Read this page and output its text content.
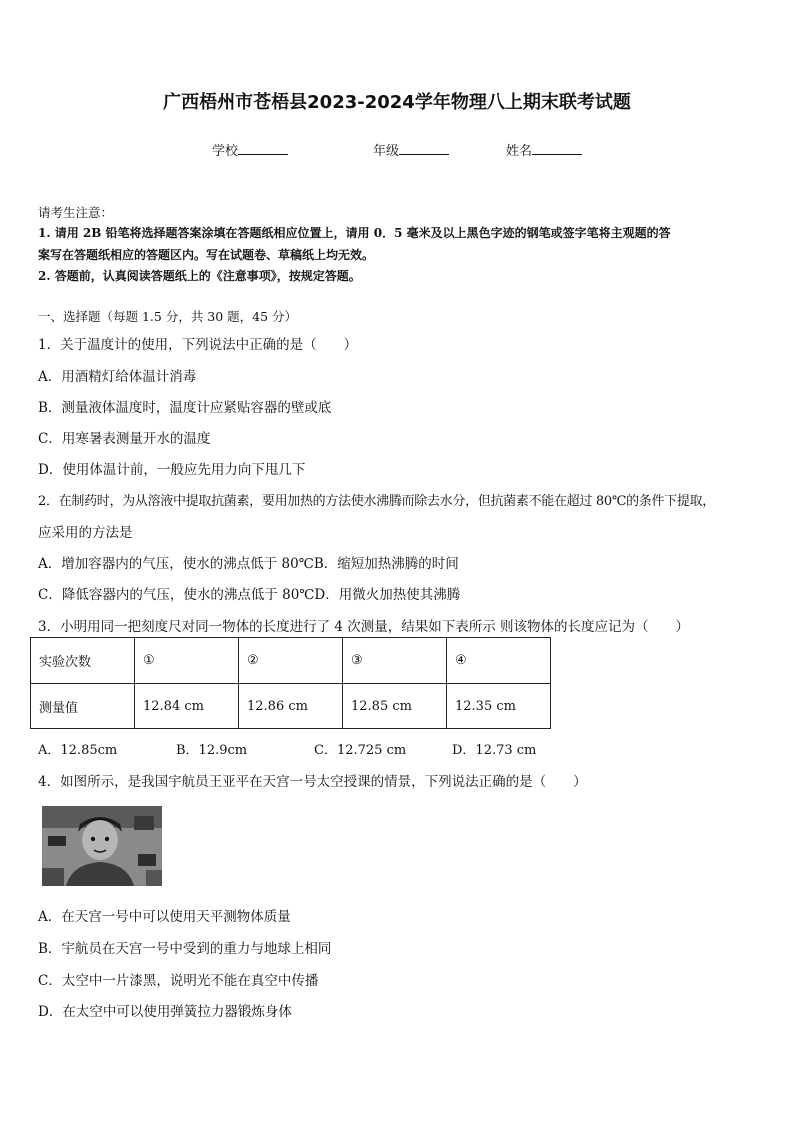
广西梧州市苍梧县2023-2024学年物理八上期末联考试题
学校	年级	姓名
请考生注意：
1. 请用 2B 铅笔将选择题答案涂填在答题纸相应位置上，请用 0．5 毫米及以上黑色字迹的钢笔或签字笔将主观题的答
案写在答题纸相应的答题区内。写在试题卷、草稿纸上均无效。
2. 答题前，认真阅读答题纸上的《注意事项》，按规定答题。
一、选择题（每题 1.5 分，共 30 题，45 分）
1．关于温度计的使用，下列说法中正确的是（　　）
A．用酒精灯给体温计消毒
B．测量液体温度时，温度计应紧贴容器的壁或底
C．用寒暑表测量开水的温度
D．使用体温计前，一般应先用力向下甩几下
2．在制药时，为从溶液中提取抗菌素，要用加热的方法使水沸腾而除去水分，但抗菌素不能在超过 80℃的条件下提取，
应采用的方法是
A．增加容器内的气压，使水的沸点低于 80℃B．缩短加热沸腾的时间
C．降低容器内的气压，使水的沸点低于 80℃D．用微火加热使其沸腾
3．小明用同一把刻度尺对同一物体的长度进行了 4 次测量，结果如下表所示 则该物体的长度应记为（　　）
实验次数	①	②	③	④
测量值	12.84 cm	12.86 cm	12.85 cm	12.35 cm
A．12.85cm	B．12.9cm	C．12.725 cm	D．12.73 cm
4．如图所示，是我国宇航员王亚平在天宫一号太空授课的情景，下列说法正确的是（　　）
A．在天宫一号中可以使用天平测物体质量
B．宇航员在天宫一号中受到的重力与地球上相同
C．太空中一片漆黑，说明光不能在真空中传播
D．在太空中可以使用弹簧拉力器锻炼身体
